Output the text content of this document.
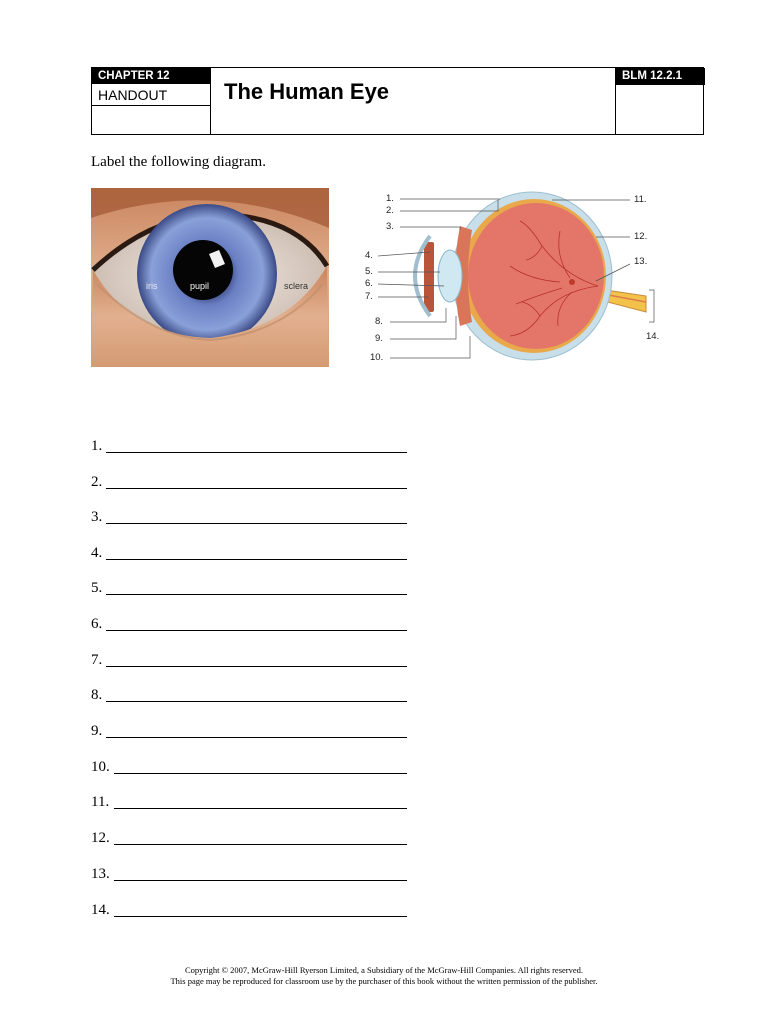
CHAPTER 12
HANDOUT	The Human Eye
BLM 12.2.1
Label the following diagram.
iris	pupil	sclera
1.
2.
3.
4.
5.
6.
7.
8.
9.
10.
11.
12.
13.
14.
1.
2.
3.
4.
5.
6.
7.
8.
9.
10.
11.
12.
13.
14.
Copyright © 2007, McGraw-Hill Ryerson Limited, a Subsidiary of the McGraw-Hill Companies. All rights reserved.
This page may be reproduced for classroom use by the purchaser of this book without the written permission of the publisher.
